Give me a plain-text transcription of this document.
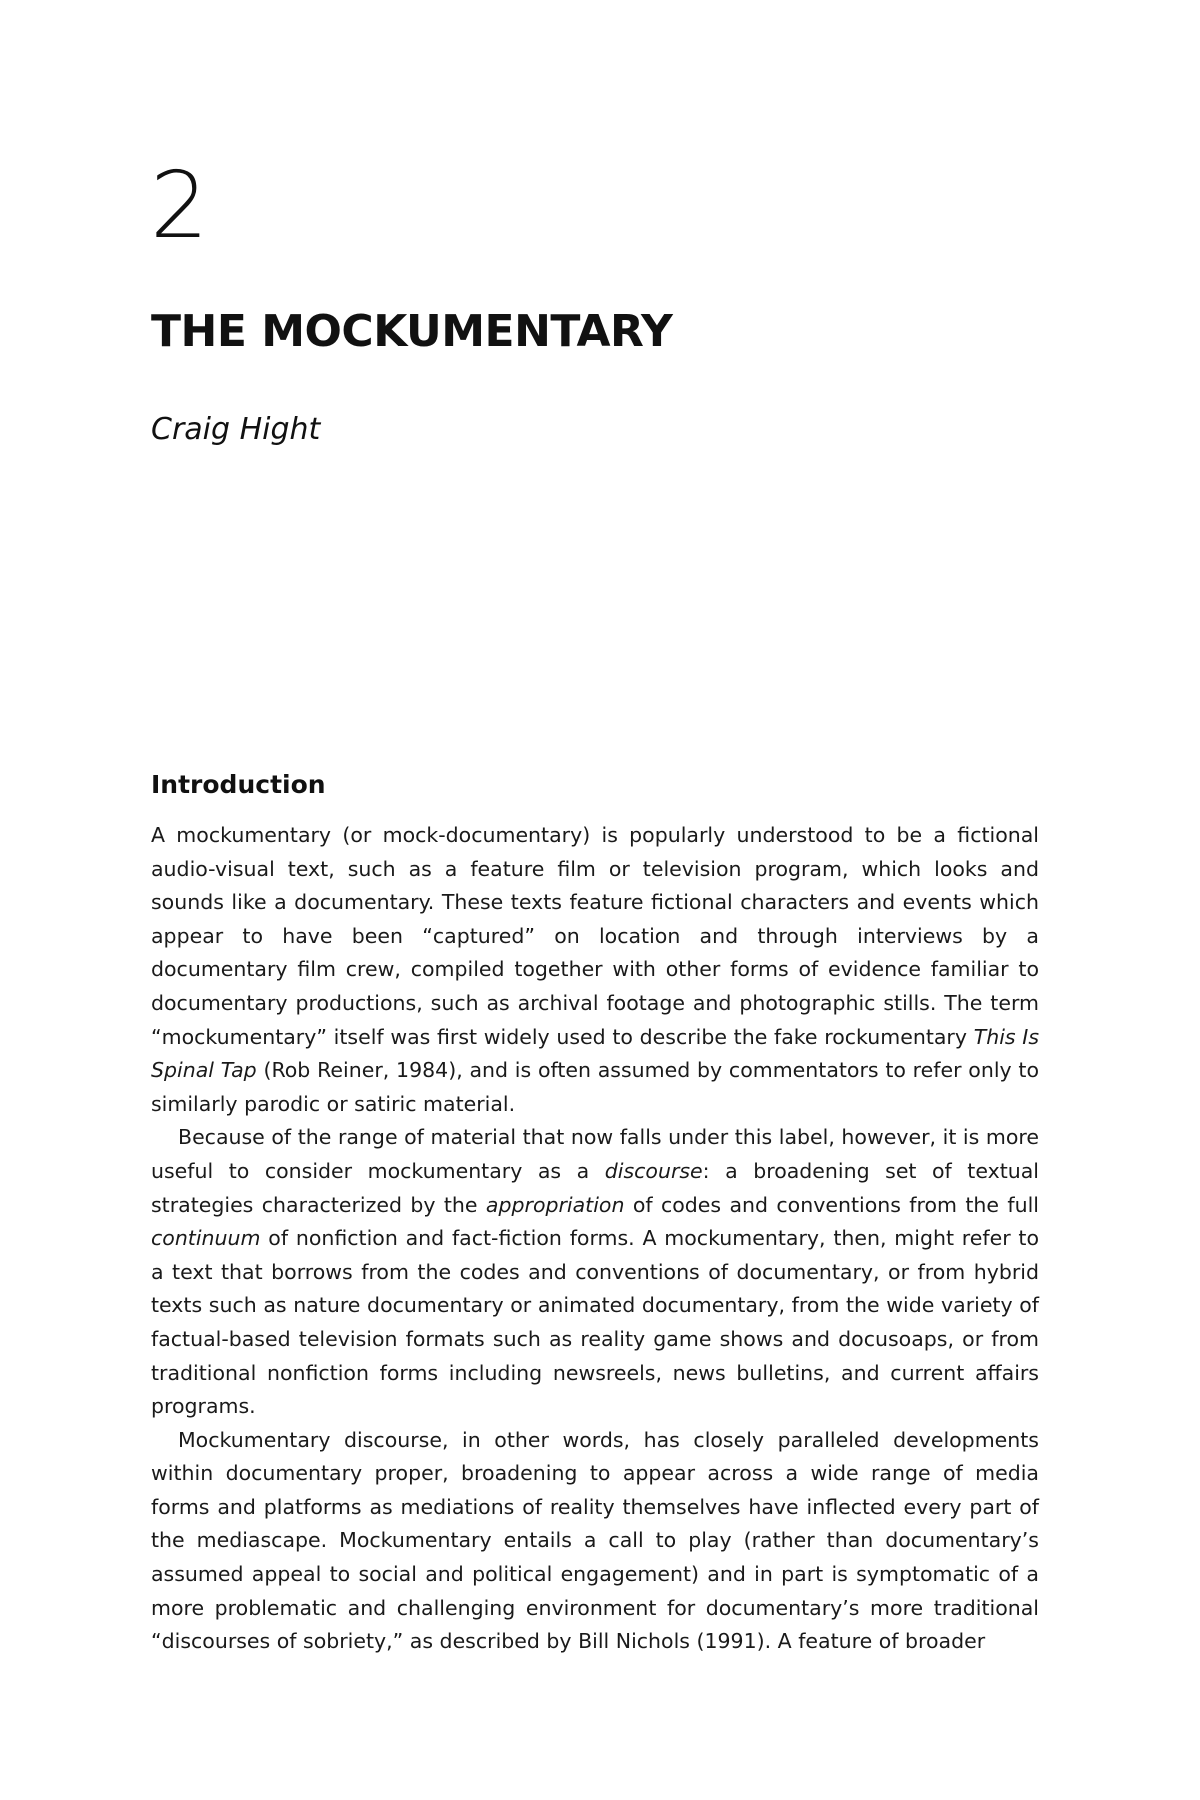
2
THE MOCKUMENTARY

Craig Hight

Introduction

A mockumentary (or mock-documentary) is popularly understood to be a fictional audio-visual text, such as a feature film or television program, which looks and sounds like a documentary. These texts feature fictional characters and events which appear to have been “captured” on location and through interviews by a documentary film crew, compiled together with other forms of evidence familiar to documentary productions, such as archival footage and photographic stills. The term “mockumentary” itself was first widely used to describe the fake rockumentary This Is Spinal Tap (Rob Reiner, 1984), and is often assumed by commentators to refer only to similarly parodic or satiric material.

Because of the range of material that now falls under this label, however, it is more useful to consider mockumentary as a discourse: a broadening set of textual strategies characterized by the appropriation of codes and conventions from the full continuum of nonfiction and fact-fiction forms. A mockumentary, then, might refer to a text that borrows from the codes and conventions of documentary, or from hybrid texts such as nature documentary or animated documentary, from the wide variety of factual-based television formats such as reality game shows and docusoaps, or from traditional nonfiction forms including newsreels, news bulletins, and current affairs programs.

Mockumentary discourse, in other words, has closely paralleled developments within documentary proper, broadening to appear across a wide range of media forms and platforms as mediations of reality themselves have inflected every part of the mediascape. Mockumentary entails a call to play (rather than documentary’s assumed appeal to social and political engagement) and in part is symptomatic of a more problematic and challenging environment for documentary’s more traditional “discourses of sobriety,” as described by Bill Nichols (1991). A feature of broader
